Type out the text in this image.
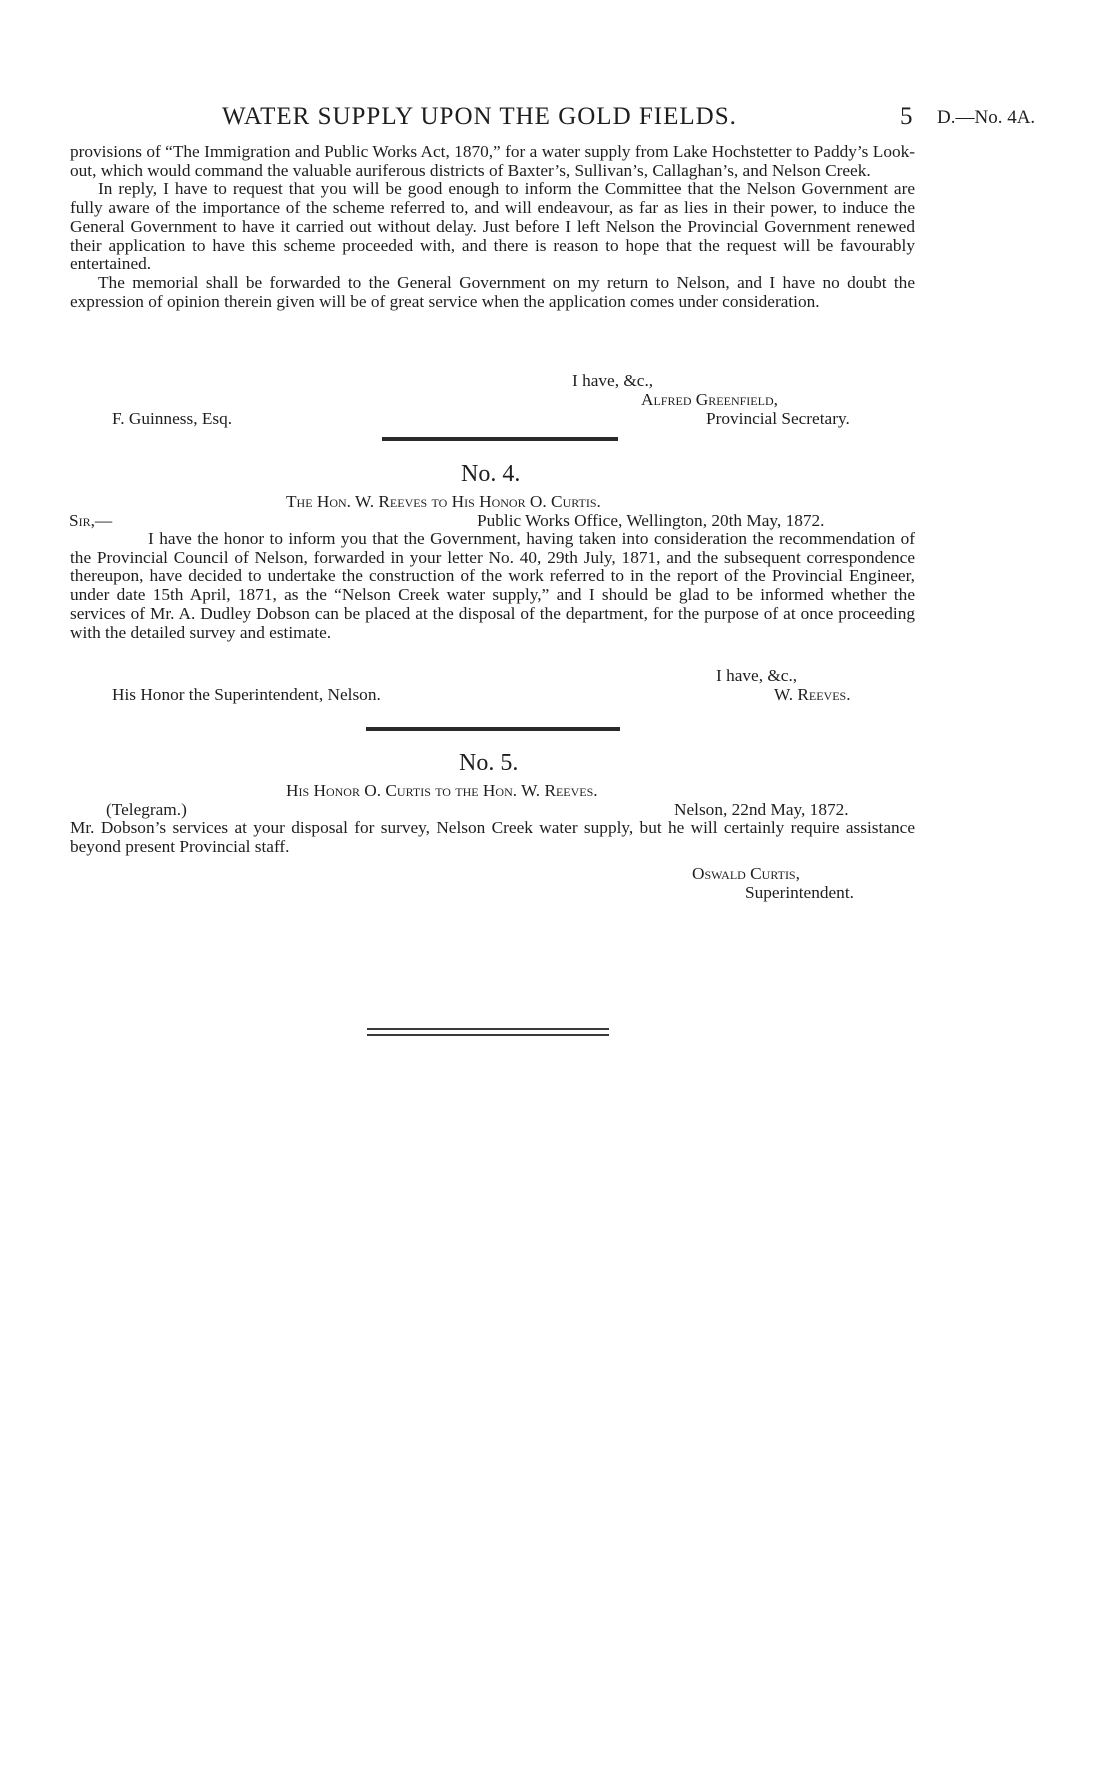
WATER SUPPLY UPON THE GOLD FIELDS.	5 D.—No. 4A.

provisions of “The Immigration and Public Works Act, 1870,” for a water supply from Lake Hochstetter to Paddy’s Look-out, which would command the valuable auriferous districts of Baxter’s, Sullivan’s, Callaghan’s, and Nelson Creek.

In reply, I have to request that you will be good enough to inform the Committee that the Nelson Government are fully aware of the importance of the scheme referred to, and will endeavour, as far as lies in their power, to induce the General Government to have it carried out without delay. Just before I left Nelson the Provincial Government renewed their application to have this scheme proceeded with, and there is reason to hope that the request will be favourably entertained.

The memorial shall be forwarded to the General Government on my return to Nelson, and I have no doubt the expression of opinion therein given will be of great service when the application comes under consideration.

I have, &c.,
Alfred Greenfield,
Provincial Secretary.
F. Guinness, Esq.
No. 4.
The Hon. W. Reeves to His Honor O. Curtis.
Sir,—	Public Works Office, Wellington, 20th May, 1872.

I have the honor to inform you that the Government, having taken into consideration the recommendation of the Provincial Council of Nelson, forwarded in your letter No. 40, 29th July, 1871, and the subsequent correspondence thereupon, have decided to undertake the construction of the work referred to in the report of the Provincial Engineer, under date 15th April, 1871, as the “Nelson Creek water supply,” and I should be glad to be informed whether the services of Mr. A. Dudley Dobson can be placed at the disposal of the department, for the purpose of at once proceeding with the detailed survey and estimate.

I have, &c.,
W. Reeves.
His Honor the Superintendent, Nelson.
No. 5.
His Honor O. Curtis to the Hon. W. Reeves.
(Telegram.)	Nelson, 22nd May, 1872.

Mr. Dobson’s services at your disposal for survey, Nelson Creek water supply, but he will certainly require assistance beyond present Provincial staff.

Oswald Curtis,
Superintendent.
